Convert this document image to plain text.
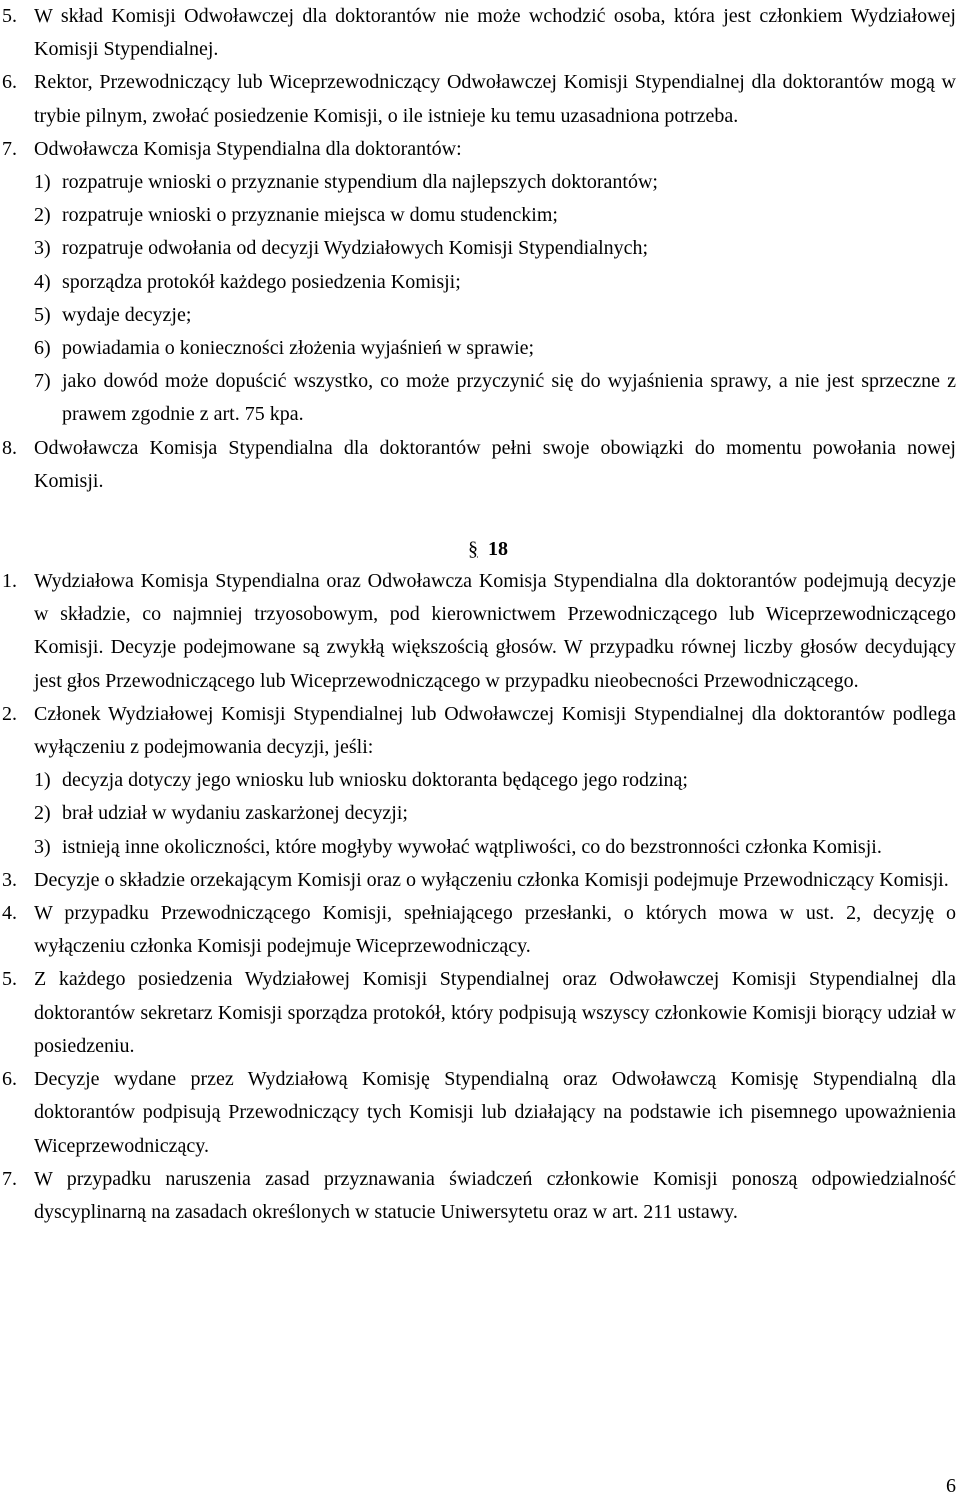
5. W skład Komisji Odwoławczej dla doktorantów nie może wchodzić osoba, która jest członkiem Wydziałowej Komisji Stypendialnej.
6. Rektor, Przewodniczący lub Wiceprzewodniczący Odwoławczej Komisji Stypendialnej dla doktorantów mogą w trybie pilnym, zwołać posiedzenie Komisji, o ile istnieje ku temu uzasadniona potrzeba.
7. Odwoławcza Komisja Stypendialna dla doktorantów:
1) rozpatruje wnioski o przyznanie stypendium dla najlepszych doktorantów;
2) rozpatruje wnioski o przyznanie miejsca w domu studenckim;
3) rozpatruje odwołania od decyzji Wydziałowych Komisji Stypendialnych;
4) sporządza protokół każdego posiedzenia Komisji;
5) wydaje decyzje;
6) powiadamia o konieczności złożenia wyjaśnień w sprawie;
7) jako dowód może dopuścić wszystko, co może przyczynić się do wyjaśnienia sprawy, a nie jest sprzeczne z prawem zgodnie z art. 75 kpa.
8. Odwoławcza Komisja Stypendialna dla doktorantów pełni swoje obowiązki do momentu powołania nowej Komisji.
§ 18
1. Wydziałowa Komisja Stypendialna oraz Odwoławcza Komisja Stypendialna dla doktorantów podejmują decyzje w składzie, co najmniej trzyosobowym, pod kierownictwem Przewodniczącego lub Wiceprzewodniczącego Komisji. Decyzje podejmowane są zwykłą większością głosów. W przypadku równej liczby głosów decydujący jest głos Przewodniczącego lub Wiceprzewodniczącego w przypadku nieobecności Przewodniczącego.
2. Członek Wydziałowej Komisji Stypendialnej lub Odwoławczej Komisji Stypendialnej dla doktorantów podlega wyłączeniu z podejmowania decyzji, jeśli:
1) decyzja dotyczy jego wniosku lub wniosku doktoranta będącego jego rodziną;
2) brał udział w wydaniu zaskarżonej decyzji;
3) istnieją inne okoliczności, które mogłyby wywołać wątpliwości, co do bezstronności członka Komisji.
3. Decyzje o składzie orzekającym Komisji oraz o wyłączeniu członka Komisji podejmuje Przewodniczący Komisji.
4. W przypadku Przewodniczącego Komisji, spełniającego przesłanki, o których mowa w ust. 2, decyzję o wyłączeniu członka Komisji podejmuje Wiceprzewodniczący.
5. Z każdego posiedzenia Wydziałowej Komisji Stypendialnej oraz Odwoławczej Komisji Stypendialnej dla doktorantów sekretarz Komisji sporządza protokół, który podpisują wszyscy członkowie Komisji biorący udział w posiedzeniu.
6. Decyzje wydane przez Wydziałową Komisję Stypendialną oraz Odwoławczą Komisję Stypendialną dla doktorantów podpisują Przewodniczący tych Komisji lub działający na podstawie ich pisemnego upoważnienia Wiceprzewodniczący.
7. W przypadku naruszenia zasad przyznawania świadczeń członkowie Komisji ponoszą odpowiedzialność dyscyplinarną na zasadach określonych w statucie Uniwersytetu oraz w art. 211 ustawy.
6
